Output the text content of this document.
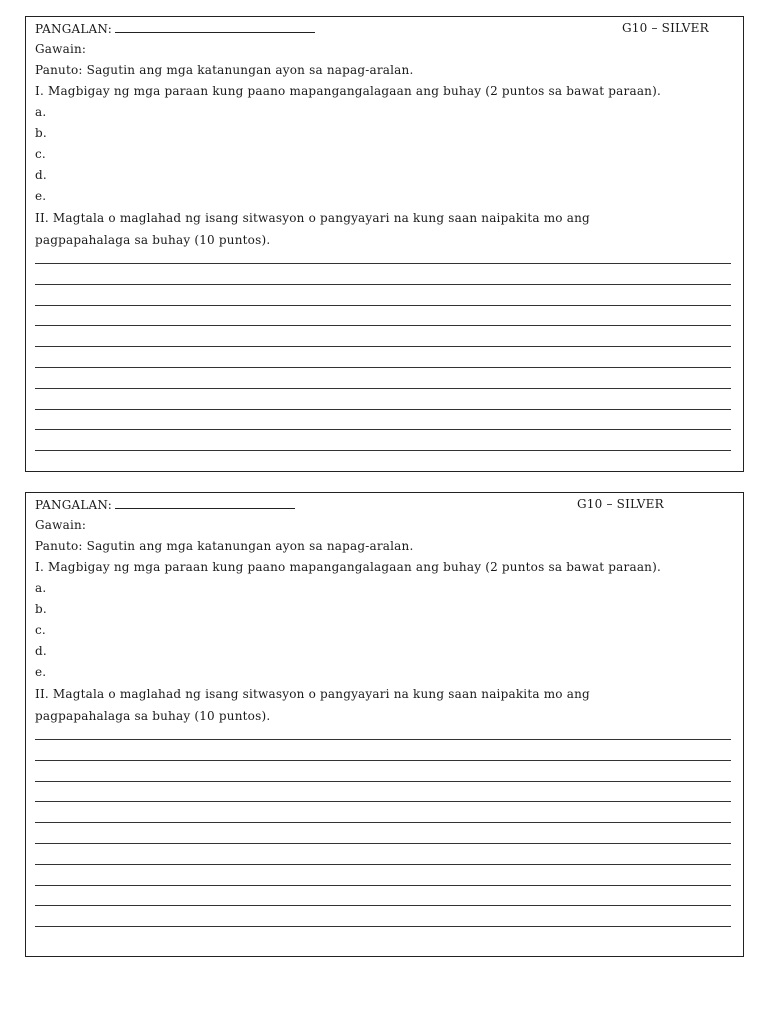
PANGALAN:	G10 – SILVER
Gawain:
Panuto: Sagutin ang mga katanungan ayon sa napag-aralan.
I. Magbigay ng mga paraan kung paano mapangangalagaan ang buhay (2 puntos sa bawat paraan).
a.
b.
c.
d.
e.
II. Magtala o maglahad ng isang sitwasyon o pangyayari na kung saan naipakita mo ang
pagpapahalaga sa buhay (10 puntos).
PANGALAN:	G10 – SILVER
Gawain:
Panuto: Sagutin ang mga katanungan ayon sa napag-aralan.
I. Magbigay ng mga paraan kung paano mapangangalagaan ang buhay (2 puntos sa bawat paraan).
a.
b.
c.
d.
e.
II. Magtala o maglahad ng isang sitwasyon o pangyayari na kung saan naipakita mo ang
pagpapahalaga sa buhay (10 puntos).
